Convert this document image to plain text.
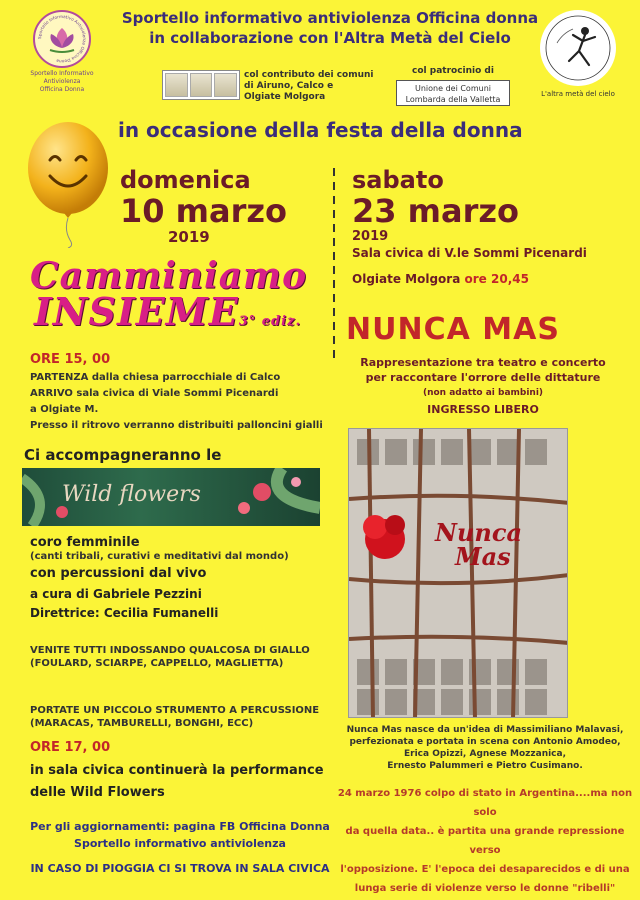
Sportello Informativo Antiviolenza Officina Donna
Sportello Informativo Antiviolenza
Officina Donna
Sportello informativo antiviolenza Officina donna
in collaborazione con l'Altra Metà del Cielo
L'altra metà del cielo
col contributo dei comuni
di Airuno, Calco e
Olgiate Molgora
col patrocinio di
Unione dei Comuni
Lombarda della Valletta
in occasione della festa della donna
domenica
10 marzo
2019
sabato
23 marzo
2019
Sala civica di V.le Sommi Picenardi
Olgiate Molgora ore 20,45
Camminiamo
INSIEME3° ediz.
ORE 15, 00
PARTENZA dalla chiesa parrocchiale di Calco
ARRIVO sala civica di Viale Sommi Picenardi
a Olgiate M.
Presso il ritrovo verranno distribuiti palloncini gialli
Ci accompagneranno le
Wild flowers
coro femminile
(canti tribali, curativi e meditativi dal mondo)
con percussioni dal vivo
a cura di Gabriele Pezzini
Direttrice: Cecilia Fumanelli
VENITE TUTTI INDOSSANDO QUALCOSA DI GIALLO
(FOULARD, SCIARPE, CAPPELLO, MAGLIETTA)
PORTATE UN PICCOLO STRUMENTO A PERCUSSIONE
(MARACAS, TAMBURELLI, BONGHI, ECC)
ORE 17, 00
in sala civica continuerà la performance
delle Wild Flowers
Per gli aggiornamenti: pagina FB Officina Donna
Sportello informativo antiviolenza
IN CASO DI PIOGGIA CI SI TROVA IN SALA CIVICA
NUNCA MAS
Rappresentazione tra teatro e concerto
per raccontare l'orrore delle dittature
(non adatto ai bambini)
INGRESSO LIBERO
Nunca
Mas
Nunca Mas nasce da un'idea di Massimiliano Malavasi,
perfezionata e portata in scena con Antonio Amodeo,
Erica Opizzi, Agnese Mozzanica,
Ernesto Palummeri e Pietro Cusimano.
24 marzo 1976 colpo di stato in Argentina....ma non solo
da quella data.. è partita una grande repressione verso
l'opposizione. E' l'epoca dei desaparecidos e di una
lunga serie di violenze verso le donne "ribelli"
